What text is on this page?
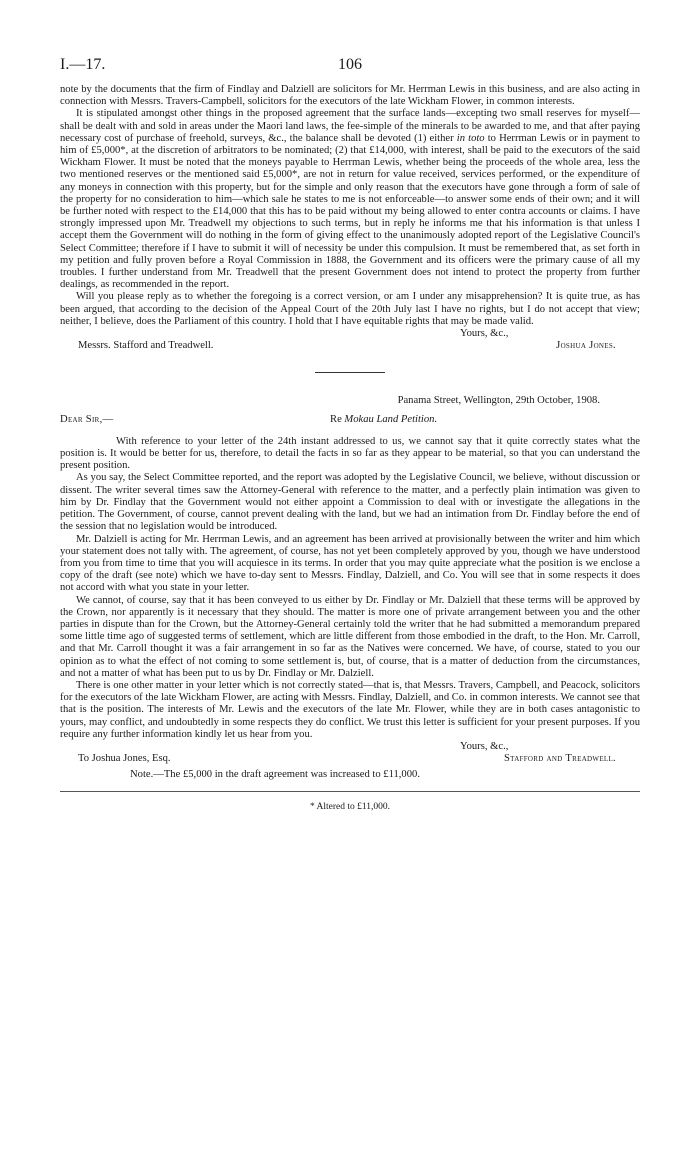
I.—17.	106

note by the documents that the firm of Findlay and Dalziell are solicitors for Mr. Herrman Lewis in this business, and are also acting in connection with Messrs. Travers-Campbell, solicitors for the executors of the late Wickham Flower, in common interests.

It is stipulated amongst other things in the proposed agreement that the surface lands—excepting two small reserves for myself—shall be dealt with and sold in areas under the Maori land laws, the fee-simple of the minerals to be awarded to me, and that after paying necessary cost of purchase of freehold, surveys, &c., the balance shall be devoted (1) either in toto to Herrman Lewis or in payment to him of £5,000*, at the discretion of arbitrators to be nominated; (2) that £14,000, with interest, shall be paid to the executors of the said Wickham Flower. It must be noted that the moneys payable to Herrman Lewis, whether being the proceeds of the whole area, less the two mentioned reserves or the mentioned said £5,000*, are not in return for value received, services performed, or the expenditure of any moneys in connection with this property, but for the simple and only reason that the executors have gone through a form of sale of the property for no consideration to him—which sale he states to me is not enforceable—to answer some ends of their own; and it will be further noted with respect to the £14,000 that this has to be paid without my being allowed to enter contra accounts or claims. I have strongly impressed upon Mr. Treadwell my objections to such terms, but in reply he informs me that his information is that unless I accept them the Government will do nothing in the form of giving effect to the unanimously adopted report of the Legislative Council's Select Committee; therefore if I have to submit it will of necessity be under this compulsion. It must be remembered that, as set forth in my petition and fully proven before a Royal Commission in 1888, the Government and its officers were the primary cause of all my troubles. I further understand from Mr. Treadwell that the present Government does not intend to protect the property from further dealings, as recommended in the report.

Will you please reply as to whether the foregoing is a correct version, or am I under any misapprehension? It is quite true, as has been argued, that according to the decision of the Appeal Court of the 20th July last I have no rights, but I do not accept that view; neither, I believe, does the Parliament of this country. I hold that I have equitable rights that may be made valid.

Yours, &c.,
Messrs. Stafford and Treadwell.	Joshua Jones.
Panama Street, Wellington, 29th October, 1908.
Dear Sir,—	Re Mokau Land Petition.

With reference to your letter of the 24th instant addressed to us, we cannot say that it quite correctly states what the position is. It would be better for us, therefore, to detail the facts in so far as they appear to be material, so that you can understand the present position.

As you say, the Select Committee reported, and the report was adopted by the Legislative Council, we believe, without discussion or dissent. The writer several times saw the Attorney-General with reference to the matter, and a perfectly plain intimation was given to him by Dr. Findlay that the Government would not either appoint a Commission to deal with or investigate the allegations in the petition. The Government, of course, cannot prevent dealing with the land, but we had an intimation from Dr. Findlay before the end of the session that no legislation would be introduced.

Mr. Dalziell is acting for Mr. Herrman Lewis, and an agreement has been arrived at provisionally between the writer and him which your statement does not tally with. The agreement, of course, has not yet been completely approved by you, though we have understood from you from time to time that you will acquiesce in its terms. In order that you may quite appreciate what the position is we enclose a copy of the draft (see note) which we have to-day sent to Messrs. Findlay, Dalziell, and Co. You will see that in some respects it does not accord with what you state in your letter.

We cannot, of course, say that it has been conveyed to us either by Dr. Findlay or Mr. Dalziell that these terms will be approved by the Crown, nor apparently is it necessary that they should. The matter is more one of private arrangement between you and the other parties in dispute than for the Crown, but the Attorney-General certainly told the writer that he had submitted a memorandum prepared some little time ago of suggested terms of settlement, which are little different from those embodied in the draft, to the Hon. Mr. Carroll, and that Mr. Carroll thought it was a fair arrangement in so far as the Natives were concerned. We have, of course, stated to you our opinion as to what the effect of not coming to some settlement is, but, of course, that is a matter of deduction from the circumstances, and not a matter of what has been put to us by Dr. Findlay or Mr. Dalziell.

There is one other matter in your letter which is not correctly stated—that is, that Messrs. Travers, Campbell, and Peacock, solicitors for the executors of the late Wickham Flower, are acting with Messrs. Findlay, Dalziell, and Co. in common interests. We cannot see that that is the position. The interests of Mr. Lewis and the executors of the late Mr. Flower, while they are in both cases antagonistic to yours, may conflict, and undoubtedly in some respects they do conflict. We trust this letter is sufficient for your present purposes. If you require any further information kindly let us hear from you.

Yours, &c.,
To Joshua Jones, Esq.	Stafford and Treadwell.
Note.—The £5,000 in the draft agreement was increased to £11,000.
* Altered to £11,000.
